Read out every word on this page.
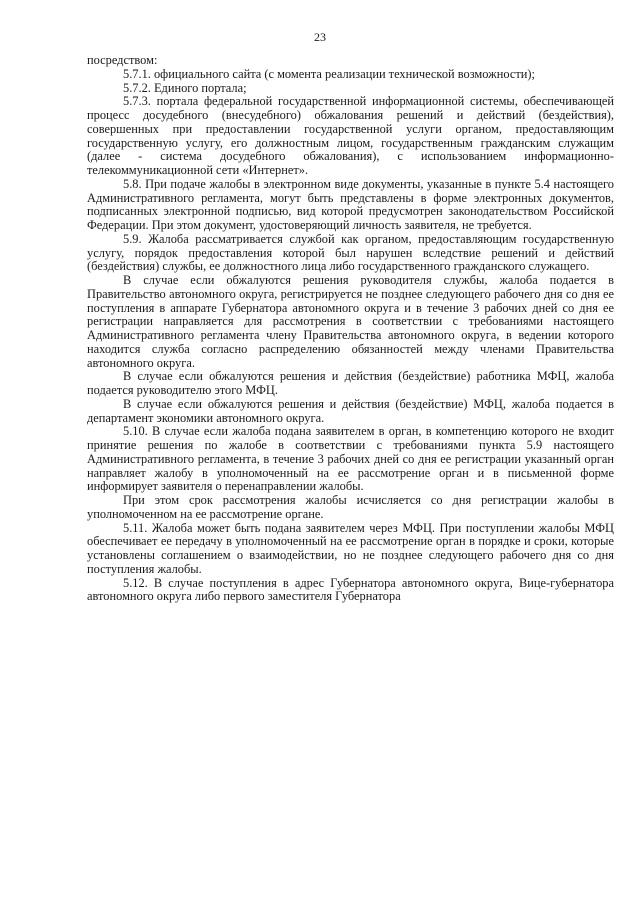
23

посредством:

5.7.1. официального сайта (с момента реализации технической возможности);

5.7.2. Единого портала;

5.7.3. портала федеральной государственной информационной системы, обеспечивающей процесс досудебного (внесудебного) обжалования решений и действий (бездействия), совершенных при предоставлении государственной услуги органом, предоставляющим государственную услугу, его должностным лицом, государственным гражданским служащим (далее - система досудебного обжалования), с использованием информационно-телекоммуникационной сети «Интернет».

5.8. При подаче жалобы в электронном виде документы, указанные в пункте 5.4 настоящего Административного регламента, могут быть представлены в форме электронных документов, подписанных электронной подписью, вид которой предусмотрен законодательством Российской Федерации. При этом документ, удостоверяющий личность заявителя, не требуется.

5.9. Жалоба рассматривается службой как органом, предоставляющим государственную услугу, порядок предоставления которой был нарушен вследствие решений и действий (бездействия) службы, ее должностного лица либо государственного гражданского служащего.

В случае если обжалуются решения руководителя службы, жалоба подается в Правительство автономного округа, регистрируется не позднее следующего рабочего дня со дня ее поступления в аппарате Губернатора автономного округа и в течение 3 рабочих дней со дня ее регистрации направляется для рассмотрения в соответствии с требованиями настоящего Административного регламента члену Правительства автономного округа, в ведении которого находится служба согласно распределению обязанностей между членами Правительства автономного округа.

В случае если обжалуются решения и действия (бездействие) работника МФЦ, жалоба подается руководителю этого МФЦ.

В случае если обжалуются решения и действия (бездействие) МФЦ, жалоба подается в департамент экономики автономного округа.

5.10. В случае если жалоба подана заявителем в орган, в компетенцию которого не входит принятие решения по жалобе в соответствии с требованиями пункта 5.9 настоящего Административного регламента, в течение 3 рабочих дней со дня ее регистрации указанный орган направляет жалобу в уполномоченный на ее рассмотрение орган и в письменной форме информирует заявителя о перенаправлении жалобы.

При этом срок рассмотрения жалобы исчисляется со дня регистрации жалобы в уполномоченном на ее рассмотрение органе.

5.11. Жалоба может быть подана заявителем через МФЦ. При поступлении жалобы МФЦ обеспечивает ее передачу в уполномоченный на ее рассмотрение орган в порядке и сроки, которые установлены соглашением о взаимодействии, но не позднее следующего рабочего дня со дня поступления жалобы.

5.12. В случае поступления в адрес Губернатора автономного округа, Вице-губернатора автономного округа либо первого заместителя Губернатора
